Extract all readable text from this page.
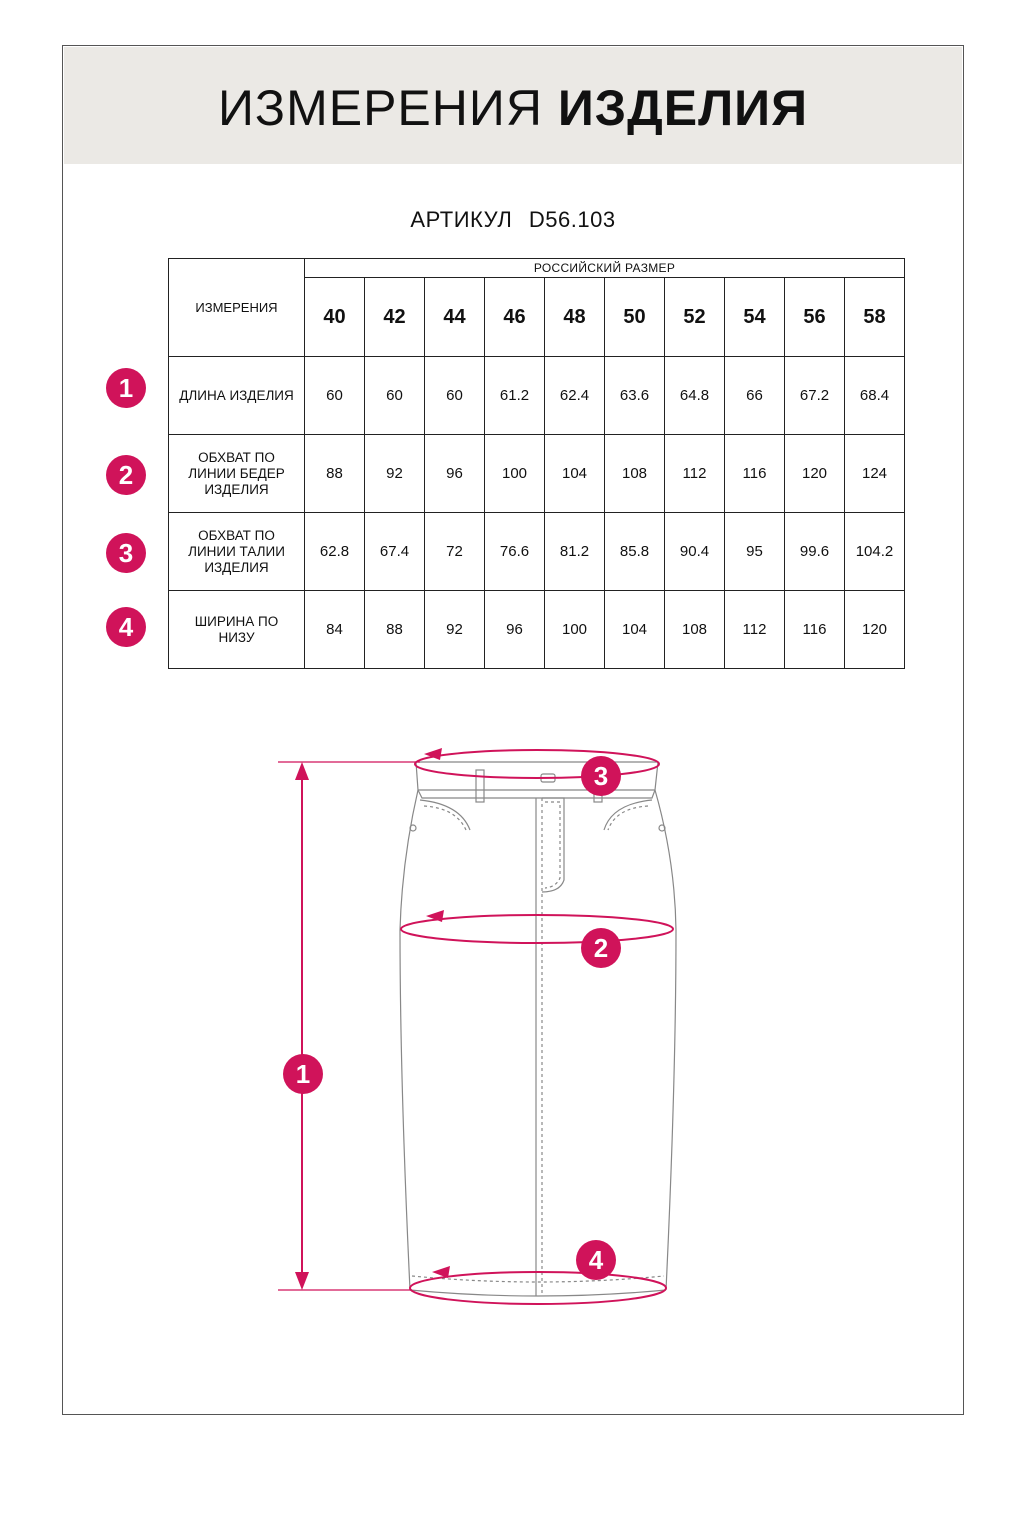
ИЗМЕРЕНИЯ ИЗДЕЛИЯ
АРТИКУЛ D56.103
ИЗМЕРЕНИЯ	РОССИЙСКИЙ РАЗМЕР									
	40	42	44	46	48	50	52	54	56	58
ДЛИНА ИЗДЕЛИЯ	60	60	60	61.2	62.4	63.6	64.8	66	67.2	68.4
ОБХВАТ ПО ЛИНИИ БЕДЕР ИЗДЕЛИЯ	88	92	96	100	104	108	112	116	120	124
ОБХВАТ ПО ЛИНИИ ТАЛИИ ИЗДЕЛИЯ	62.8	67.4	72	76.6	81.2	85.8	90.4	95	99.6	104.2
ШИРИНА ПО НИЗУ	84	88	92	96	100	104	108	112	116	120
1
2
3
4
1
2
3
4
